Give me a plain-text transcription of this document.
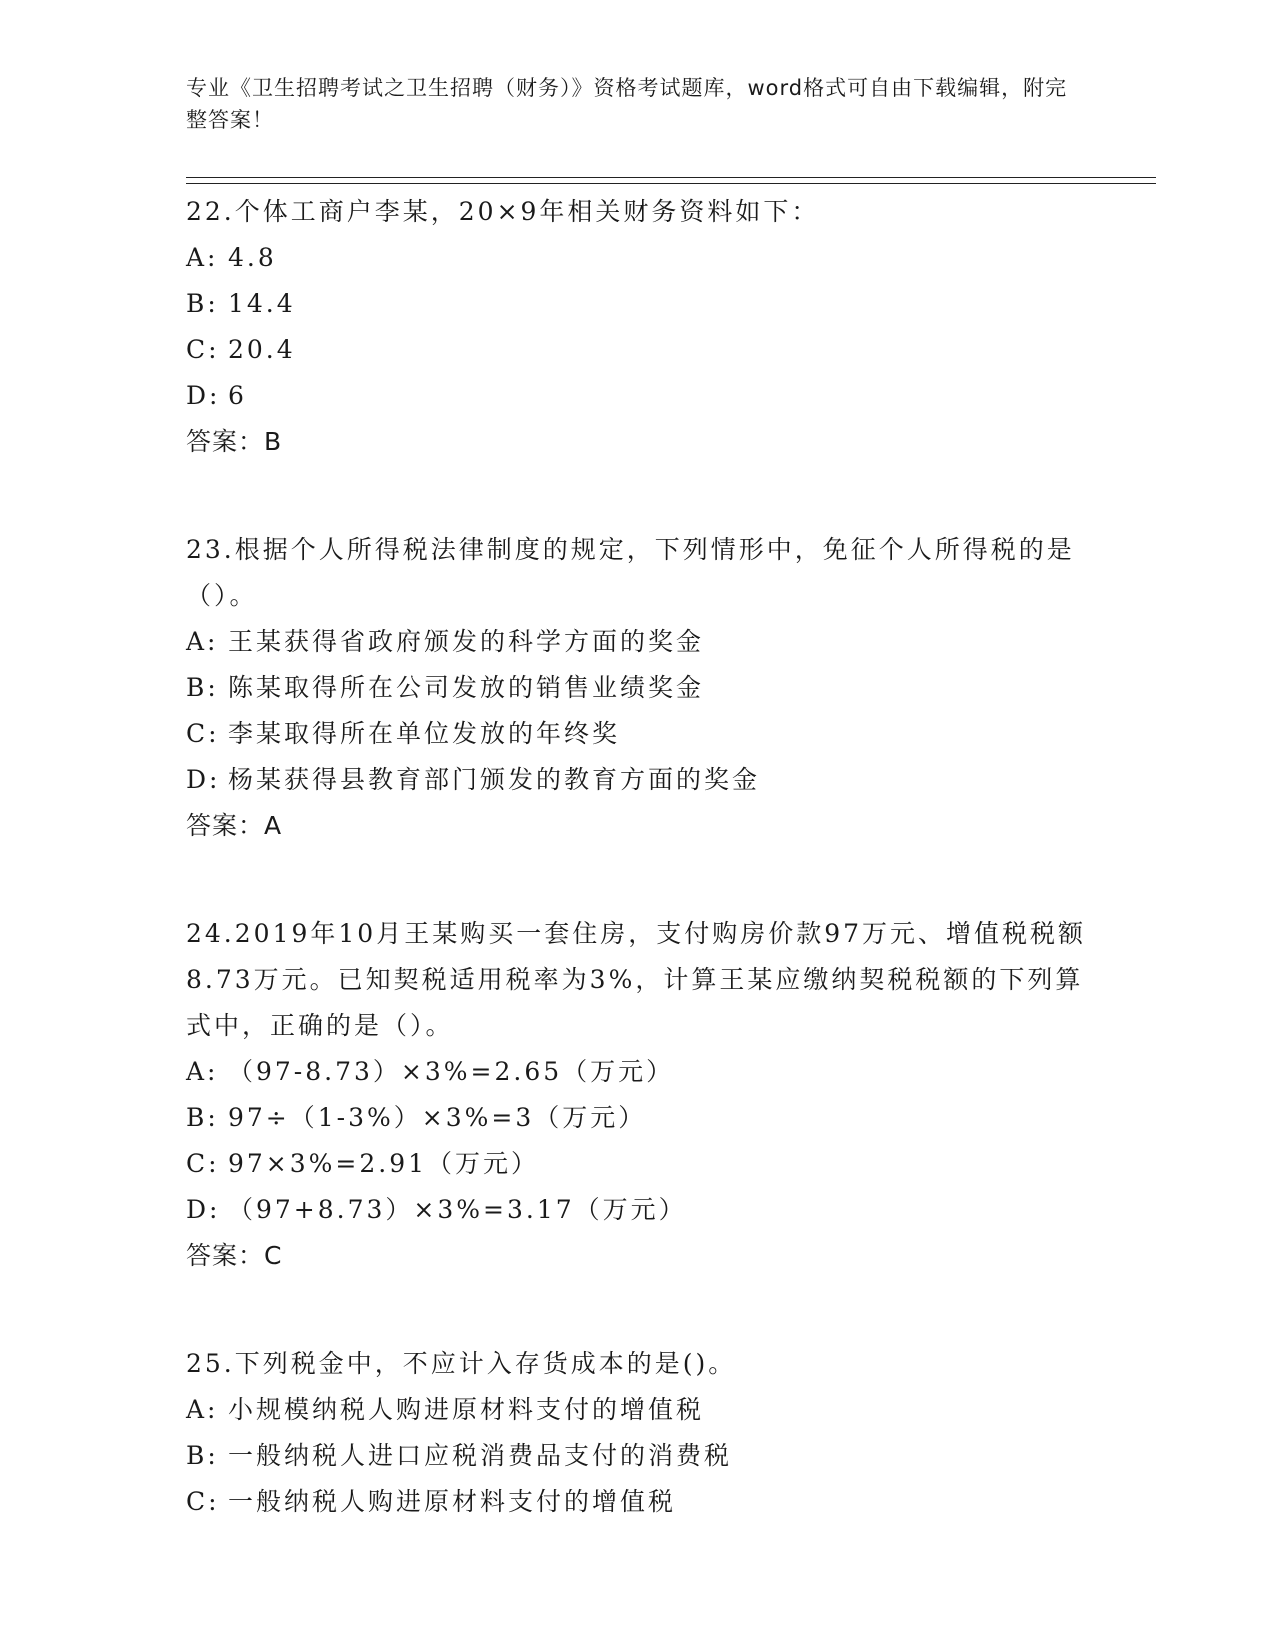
专业《卫生招聘考试之卫生招聘（财务）》资格考试题库，word格式可自由下载编辑，附完整答案！
22.个体工商户李某，20×9年相关财务资料如下：
A: 4.8
B: 14.4
C: 20.4
D: 6
答案：B
23.根据个人所得税法律制度的规定，下列情形中，免征个人所得税的是（）。
A: 王某获得省政府颁发的科学方面的奖金
B: 陈某取得所在公司发放的销售业绩奖金
C: 李某取得所在单位发放的年终奖
D: 杨某获得县教育部门颁发的教育方面的奖金
答案：A
24.2019年10月王某购买一套住房，支付购房价款97万元、增值税税额8.73万元。已知契税适用税率为3%，计算王某应缴纳契税税额的下列算式中，正确的是（）。
A: （97-8.73）×3%=2.65（万元）
B: 97÷（1-3%）×3%=3（万元）
C: 97×3%=2.91（万元）
D: （97+8.73）×3%=3.17（万元）
答案：C
25.下列税金中，不应计入存货成本的是()。
A: 小规模纳税人购进原材料支付的增值税
B: 一般纳税人进口应税消费品支付的消费税
C: 一般纳税人购进原材料支付的增值税
